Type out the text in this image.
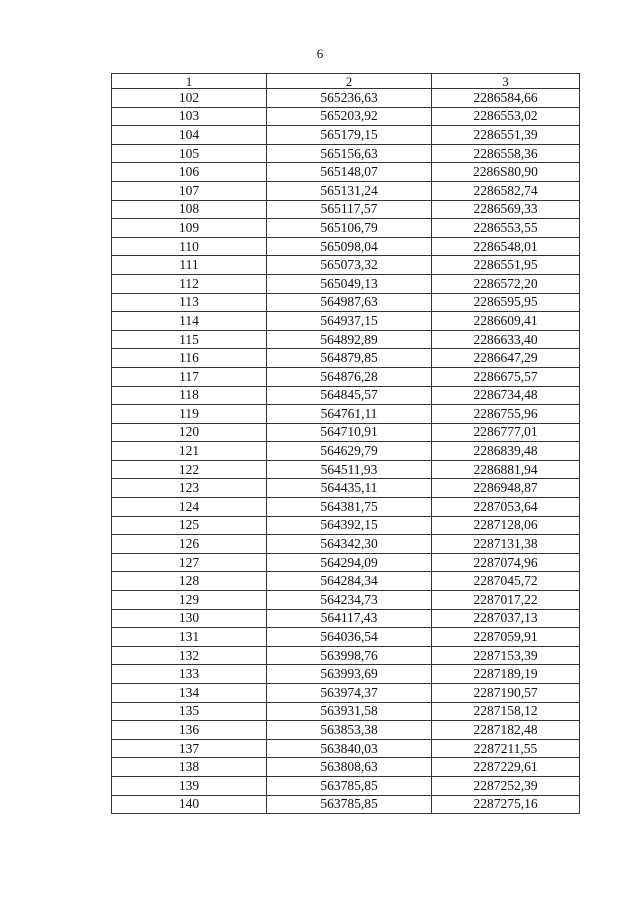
6
1	2	3
102	565236,63	2286584,66
103	565203,92	2286553,02
104	565179,15	2286551,39
105	565156,63	2286558,36
106	565148,07	2286S80,90
107	565131,24	2286582,74
108	565117,57	2286569,33
109	565106,79	2286553,55
110	565098,04	2286548,01
111	565073,32	2286551,95
112	565049,13	2286572,20
113	564987,63	2286595,95
114	564937,15	2286609,41
115	564892,89	2286633,40
116	564879,85	2286647,29
117	564876,28	2286675,57
118	564845,57	2286734,48
119	564761,11	2286755,96
120	564710,91	2286777,01
121	564629,79	2286839,48
122	564511,93	2286881,94
123	564435,11	2286948,87
124	564381,75	2287053,64
125	564392,15	2287128,06
126	564342,30	2287131,38
127	564294,09	2287074,96
128	564284,34	2287045,72
129	564234,73	2287017,22
130	564117,43	2287037,13
131	564036,54	2287059,91
132	563998,76	2287153,39
133	563993,69	2287189,19
134	563974,37	2287190,57
135	563931,58	2287158,12
136	563853,38	2287182,48
137	563840,03	2287211,55
138	563808,63	2287229,61
139	563785,85	2287252,39
140	563785,85	2287275,16
